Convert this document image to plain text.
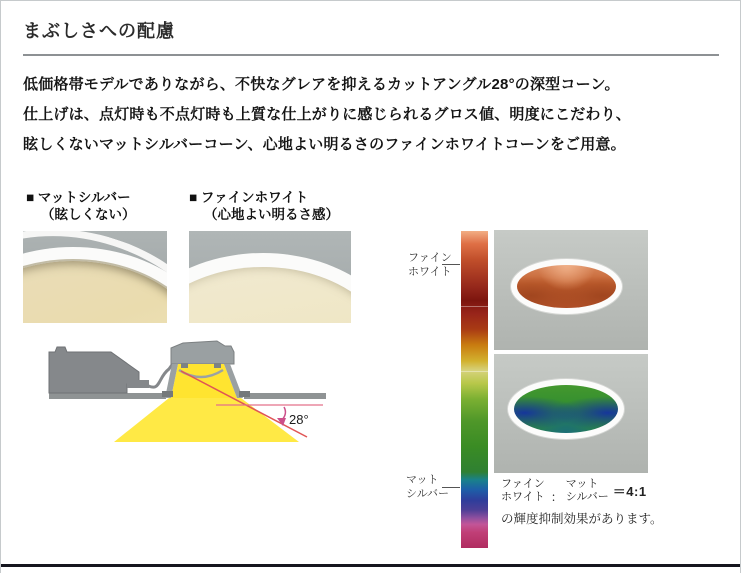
まぶしさへの配慮
低価格帯モデルでありながら、不快なグレアを抑えるカットアングル28°の深型コーン。
仕上げは、点灯時も不点灯時も上質な仕上がりに感じられるグロス値、明度にこだわり、
眩しくないマットシルバーコーン、心地よい明るさのファインホワイトコーンをご用意。
■ マットシルバー
（眩しくない）
■ ファインホワイト
（心地よい明るさ感）
28°
ファイン
ホワイト
マット
シルバー
ファイン
ホワイト ：
マット
シルバー ＝4:1
の輝度抑制効果があります。
